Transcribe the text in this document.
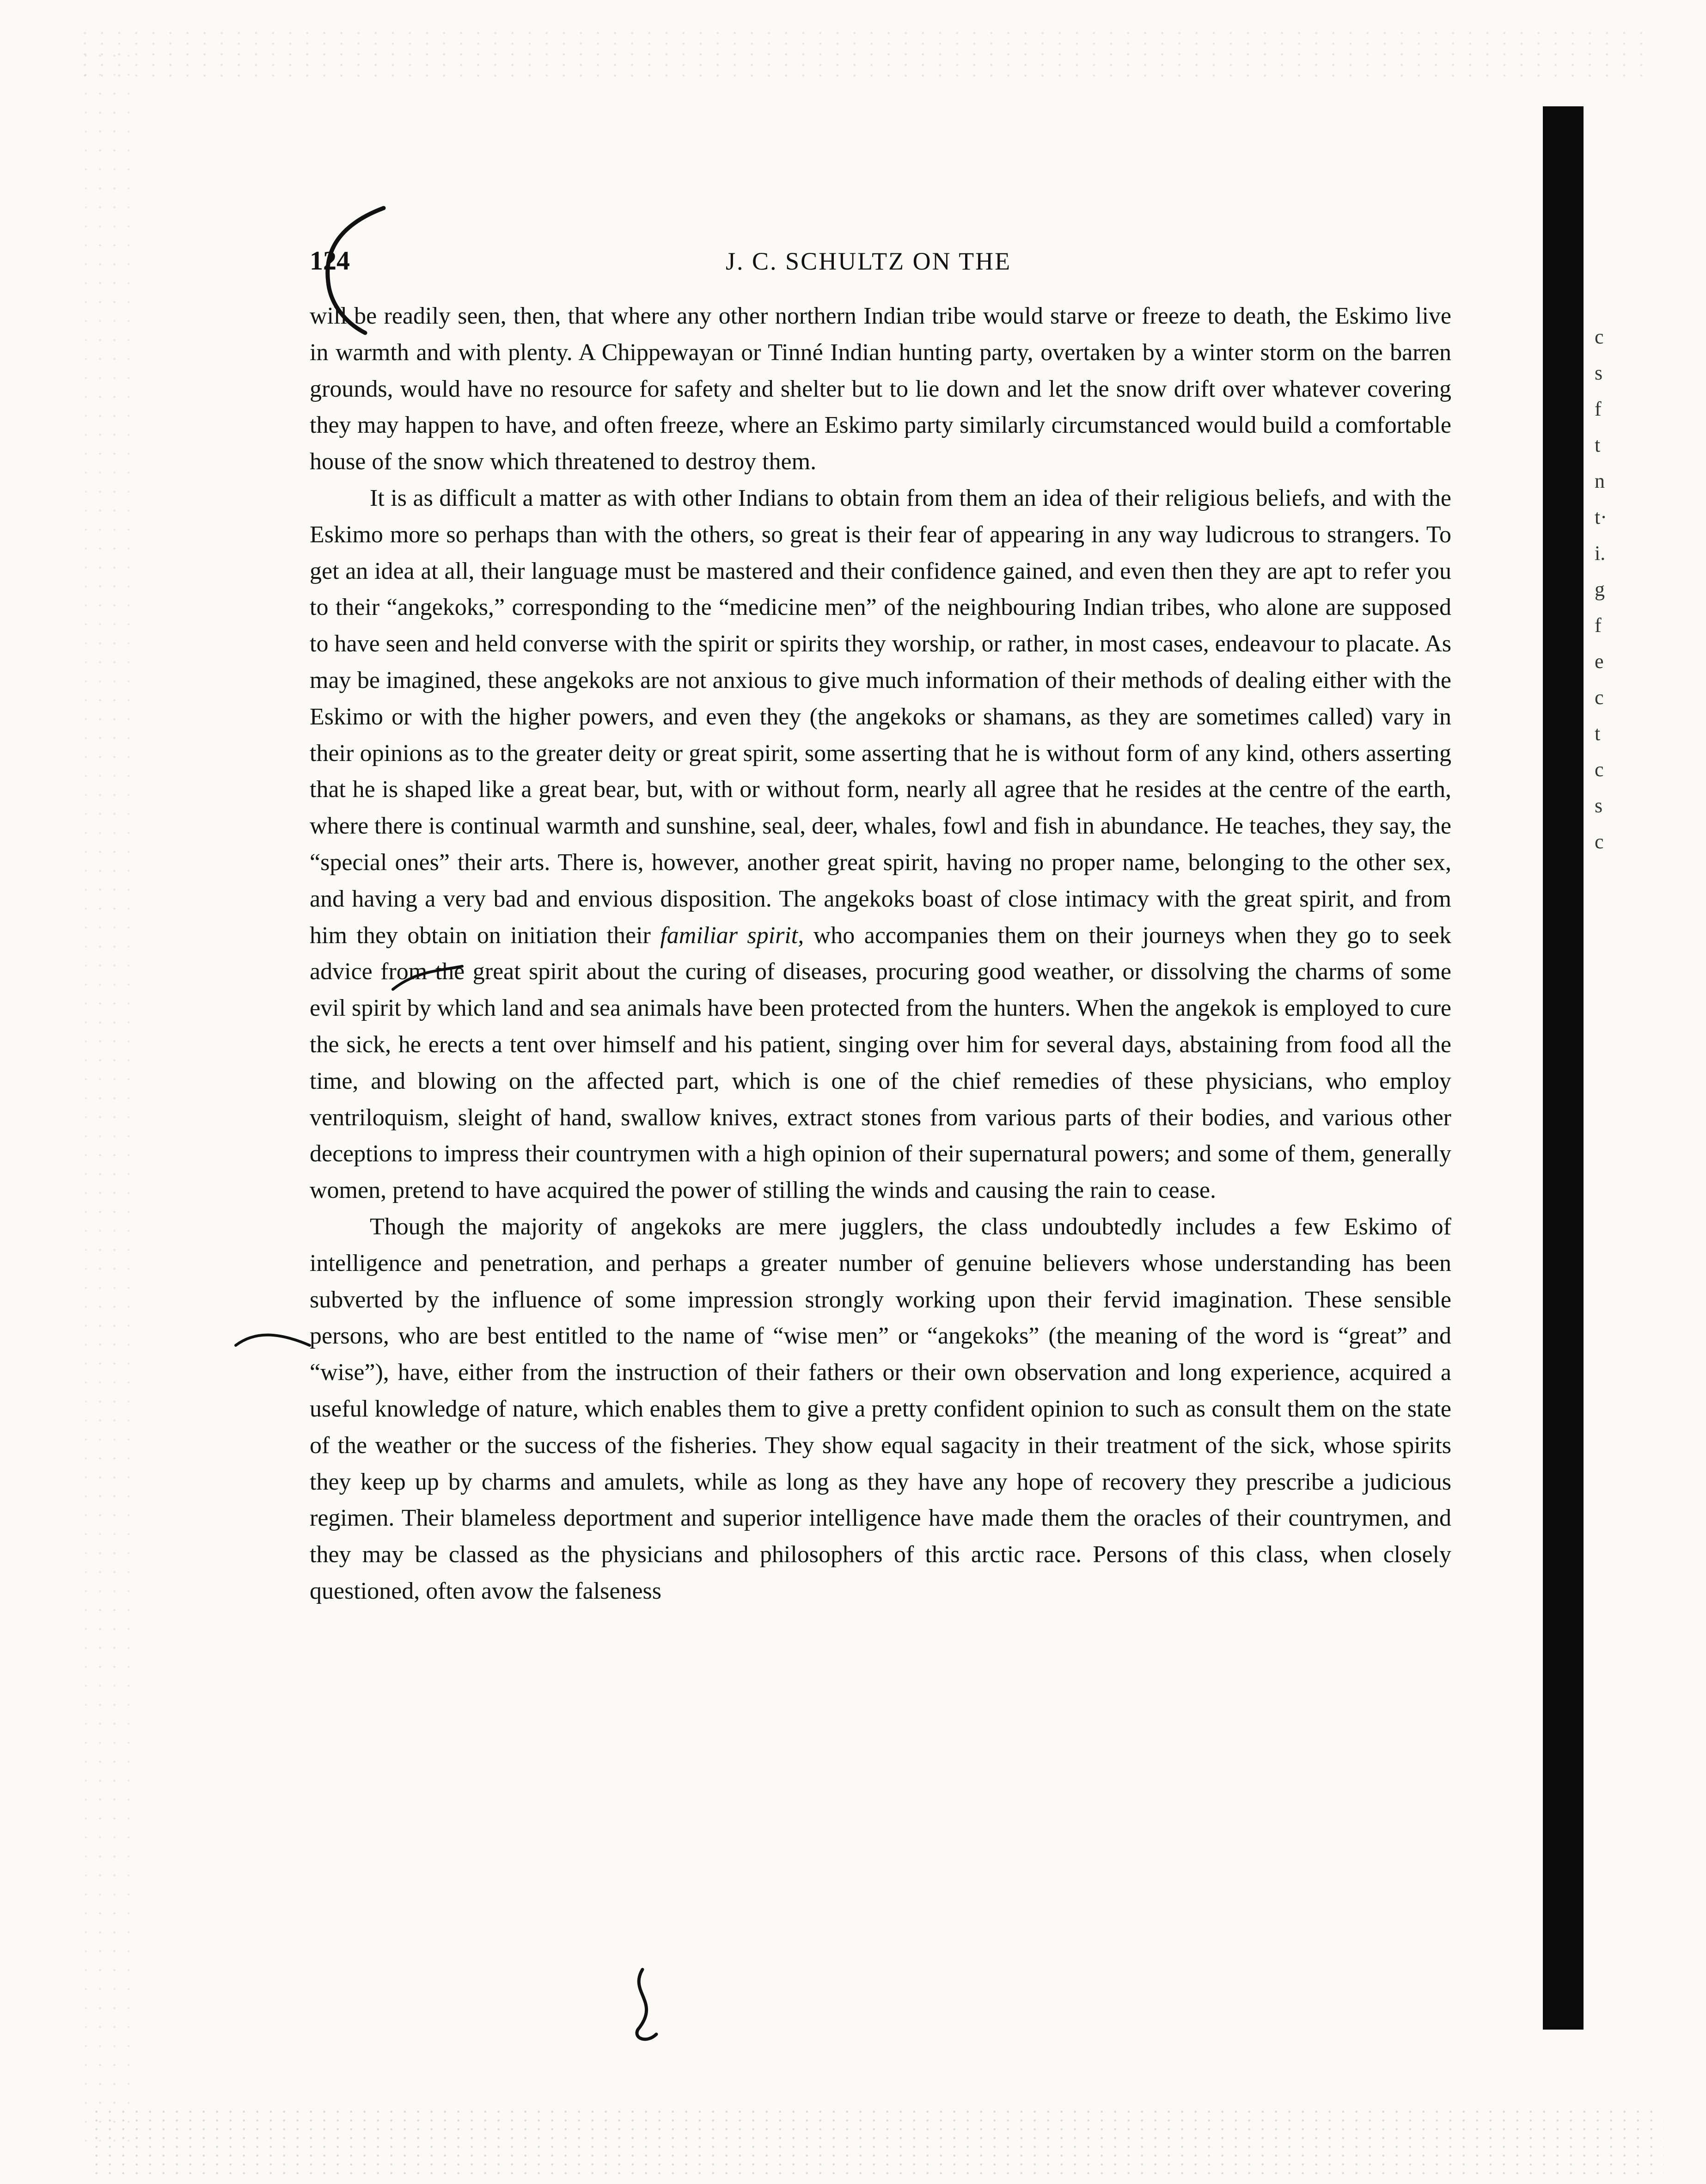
124	J. C. SCHULTZ ON THE

will be readily seen, then, that where any other northern Indian tribe would starve or freeze to death, the Eskimo live in warmth and with plenty. A Chippewayan or Tinné Indian hunting party, overtaken by a winter storm on the barren grounds, would have no resource for safety and shelter but to lie down and let the snow drift over whatever covering they may happen to have, and often freeze, where an Eskimo party similarly circumstanced would build a comfortable house of the snow which threatened to destroy them.

It is as difficult a matter as with other Indians to obtain from them an idea of their religious beliefs, and with the Eskimo more so perhaps than with the others, so great is their fear of appearing in any way ludicrous to strangers. To get an idea at all, their language must be mastered and their confidence gained, and even then they are apt to refer you to their “angekoks,” corresponding to the “medicine men” of the neighbouring Indian tribes, who alone are supposed to have seen and held converse with the spirit or spirits they worship, or rather, in most cases, endeavour to placate. As may be imagined, these angekoks are not anxious to give much information of their methods of dealing either with the Eskimo or with the higher powers, and even they (the angekoks or shamans, as they are sometimes called) vary in their opinions as to the greater deity or great spirit, some asserting that he is without form of any kind, others asserting that he is shaped like a great bear, but, with or without form, nearly all agree that he resides at the centre of the earth, where there is continual warmth and sunshine, seal, deer, whales, fowl and fish in abundance. He teaches, they say, the “special ones” their arts. There is, however, another great spirit, having no proper name, belonging to the other sex, and having a very bad and envious disposition. The angekoks boast of close intimacy with the great spirit, and from him they obtain on initiation their familiar spirit, who accompanies them on their journeys when they go to seek advice from the great spirit about the curing of diseases, procuring good weather, or dissolving the charms of some evil spirit by which land and sea animals have been protected from the hunters. When the angekok is employed to cure the sick, he erects a tent over himself and his patient, singing over him for several days, abstaining from food all the time, and blowing on the affected part, which is one of the chief remedies of these physicians, who employ ventriloquism, sleight of hand, swallow knives, extract stones from various parts of their bodies, and various other deceptions to impress their countrymen with a high opinion of their supernatural powers; and some of them, generally women, pretend to have acquired the power of stilling the winds and causing the rain to cease.

Though the majority of angekoks are mere jugglers, the class undoubtedly includes a few Eskimo of intelligence and penetration, and perhaps a greater number of genuine believers whose understanding has been subverted by the influence of some impression strongly working upon their fervid imagination. These sensible persons, who are best entitled to the name of “wise men” or “angekoks” (the meaning of the word is “great” and “wise”), have, either from the instruction of their fathers or their own observation and long experience, acquired a useful knowledge of nature, which enables them to give a pretty confident opinion to such as consult them on the state of the weather or the success of the fisheries. They show equal sagacity in their treatment of the sick, whose spirits they keep up by charms and amulets, while as long as they have any hope of recovery they prescribe a judicious regimen. Their blameless deportment and superior intelligence have made them the oracles of their countrymen, and they may be classed as the physicians and philosophers of this arctic race. Persons of this class, when closely questioned, often avow the falseness

c
s
f
t
n
t·
i.
g
f
e
c
t
c
s
c
